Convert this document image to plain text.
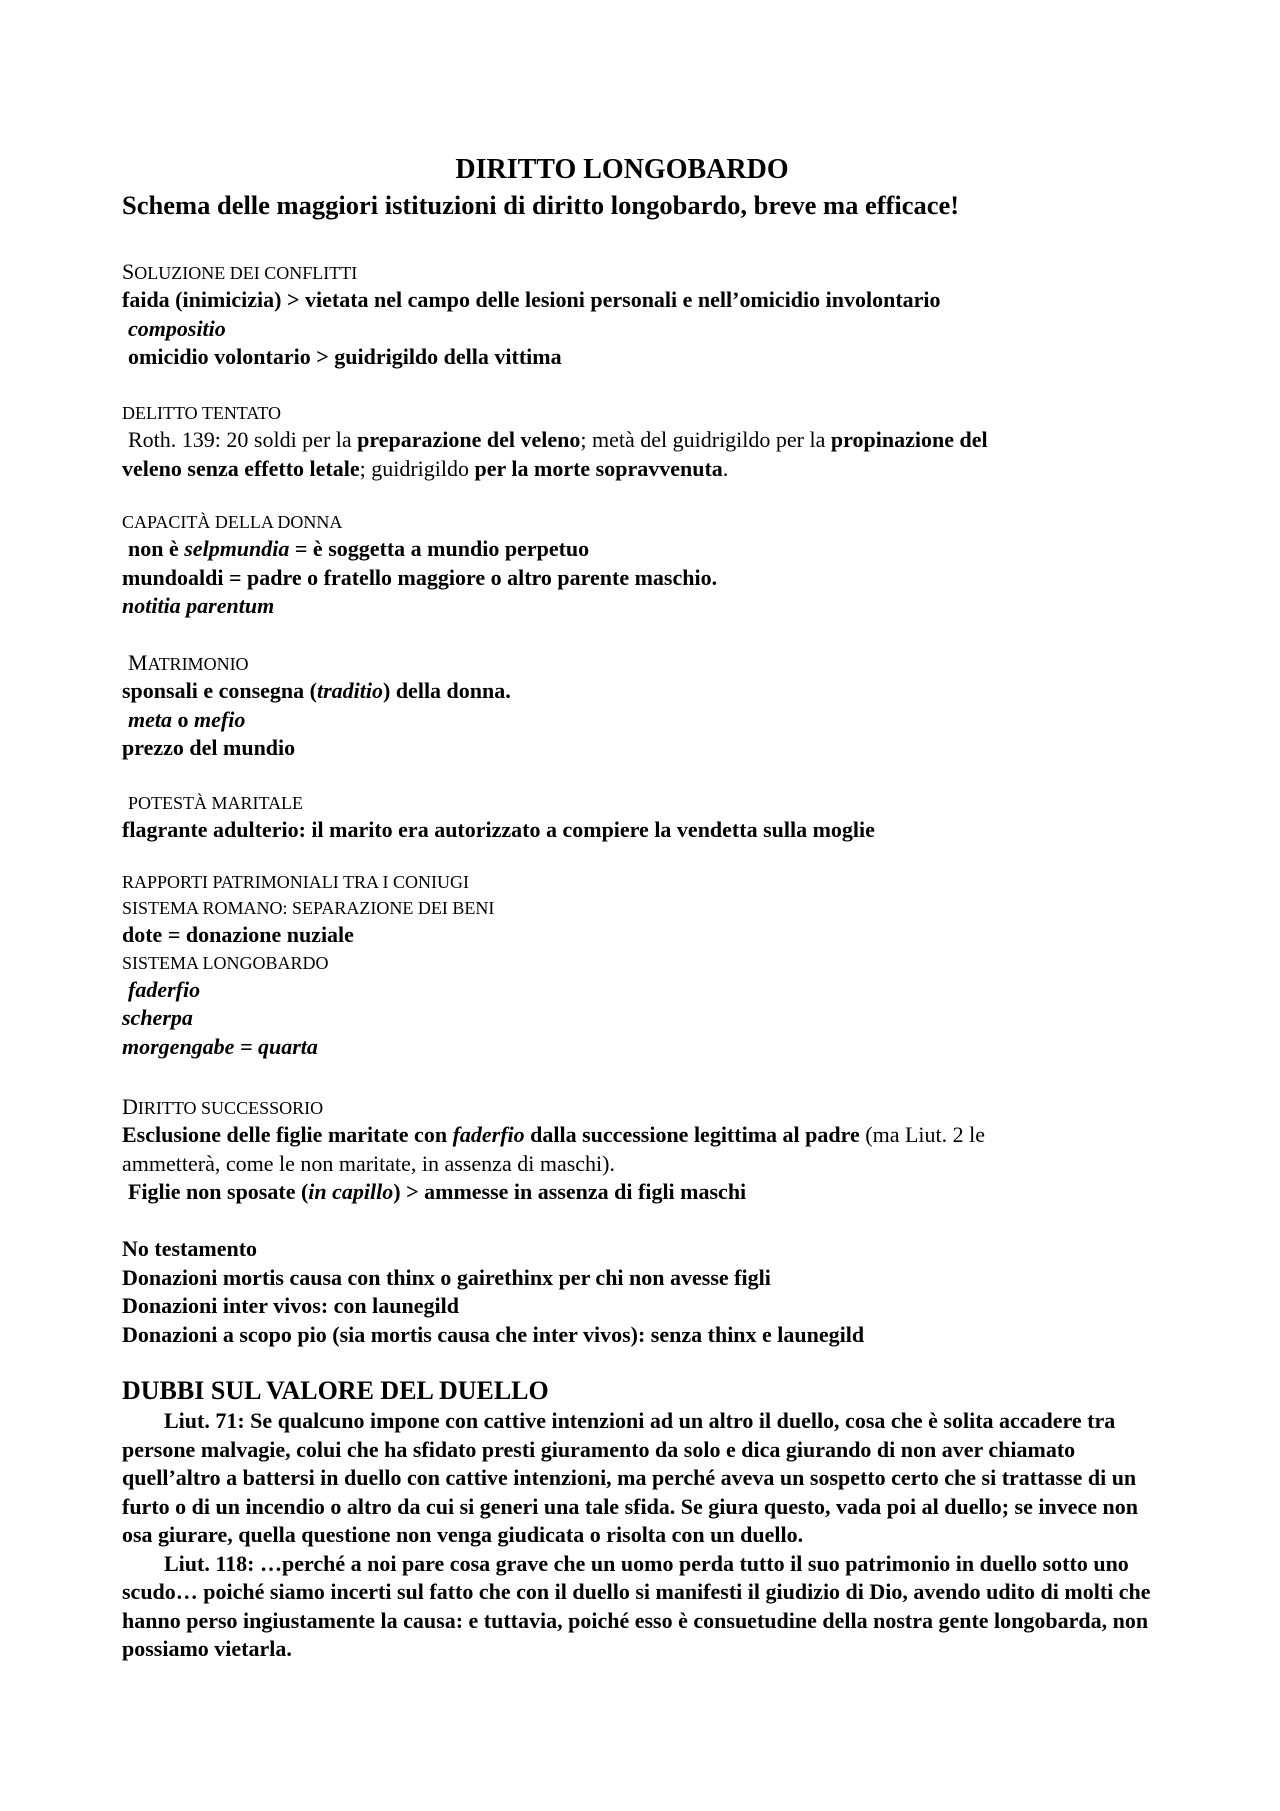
DIRITTO LONGOBARDO
Schema delle maggiori istituzioni di diritto longobardo, breve ma efficace!
SOLUZIONE DEI CONFLITTI
faida (inimicizia) > vietata nel campo delle lesioni personali e nell’omicidio involontario
compositio
omicidio volontario > guidrigildo della vittima
DELITTO TENTATO
Roth. 139: 20 soldi per la preparazione del veleno; metà del guidrigildo per la propinazione del
veleno senza effetto letale; guidrigildo per la morte sopravvenuta.
CAPACITÀ DELLA DONNA
non è selpmundia = è soggetta a mundio perpetuo
mundoaldi = padre o fratello maggiore o altro parente maschio.
notitia parentum
MATRIMONIO
sponsali e consegna (traditio) della donna.
meta o mefio
prezzo del mundio
POTESTÀ MARITALE
flagrante adulterio: il marito era autorizzato a compiere la vendetta sulla moglie
RAPPORTI PATRIMONIALI TRA I CONIUGI
SISTEMA ROMANO: SEPARAZIONE DEI BENI
dote = donazione nuziale
SISTEMA LONGOBARDO
faderfio
scherpa
morgengabe = quarta
DIRITTO SUCCESSORIO
Esclusione delle figlie maritate con faderfio dalla successione legittima al padre (ma Liut. 2 le
ammetterà, come le non maritate, in assenza di maschi).
Figlie non sposate (in capillo) > ammesse in assenza di figli maschi
No testamento
Donazioni mortis causa con thinx o gairethinx per chi non avesse figli
Donazioni inter vivos: con launegild
Donazioni a scopo pio (sia mortis causa che inter vivos): senza thinx e launegild
DUBBI SUL VALORE DEL DUELLO

Liut. 71: Se qualcuno impone con cattive intenzioni ad un altro il duello, cosa che è solita accadere tra persone malvagie, colui che ha sfidato presti giuramento da solo e dica giurando di non aver chiamato quell’altro a battersi in duello con cattive intenzioni, ma perché aveva un sospetto certo che si trattasse di un furto o di un incendio o altro da cui si generi una tale sfida. Se giura questo, vada poi al duello; se invece non osa giurare, quella questione non venga giudicata o risolta con un duello.

Liut. 118: …perché a noi pare cosa grave che un uomo perda tutto il suo patrimonio in duello sotto uno scudo… poiché siamo incerti sul fatto che con il duello si manifesti il giudizio di Dio, avendo udito di molti che hanno perso ingiustamente la causa: e tuttavia, poiché esso è consuetudine della nostra gente longobarda, non possiamo vietarla.
